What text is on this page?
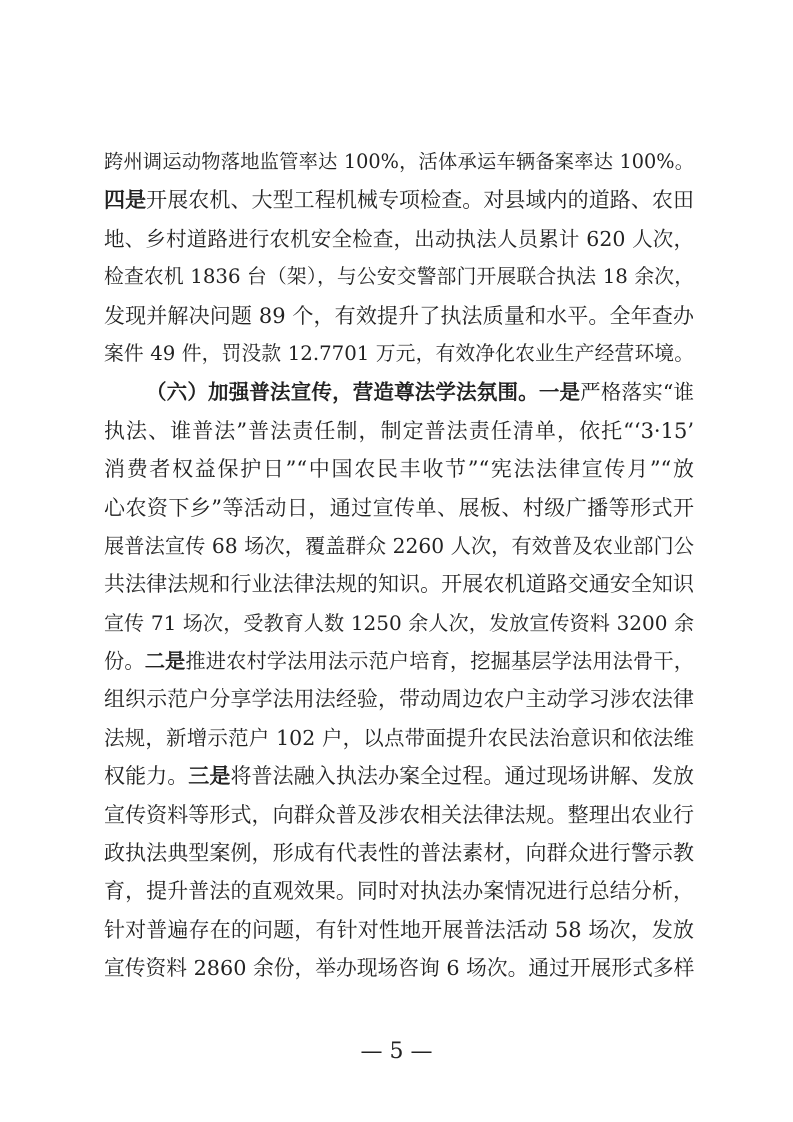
跨州调运动物落地监管率达 100%，活体承运车辆备案率达 100%。
四是开展农机、大型工程机械专项检查。对县域内的道路、农田
地、乡村道路进行农机安全检查，出动执法人员累计 620 人次，
检查农机 1836 台（架），与公安交警部门开展联合执法 18 余次，
发现并解决问题 89 个，有效提升了执法质量和水平。全年查办
案件 49 件，罚没款 12.7701 万元，有效净化农业生产经营环境。
（六）加强普法宣传，营造尊法学法氛围。一是严格落实“谁
执法、谁普法”普法责任制，制定普法责任清单，依托“‘3·15’
消费者权益保护日”“中国农民丰收节”“宪法法律宣传月”“放
心农资下乡”等活动日，通过宣传单、展板、村级广播等形式开
展普法宣传 68 场次，覆盖群众 2260 人次，有效普及农业部门公
共法律法规和行业法律法规的知识。开展农机道路交通安全知识
宣传 71 场次，受教育人数 1250 余人次，发放宣传资料 3200 余
份。二是推进农村学法用法示范户培育，挖掘基层学法用法骨干，
组织示范户分享学法用法经验，带动周边农户主动学习涉农法律
法规，新增示范户 102 户，以点带面提升农民法治意识和依法维
权能力。三是将普法融入执法办案全过程。通过现场讲解、发放
宣传资料等形式，向群众普及涉农相关法律法规。整理出农业行
政执法典型案例，形成有代表性的普法素材，向群众进行警示教
育，提升普法的直观效果。同时对执法办案情况进行总结分析，
针对普遍存在的问题，有针对性地开展普法活动 58 场次，发放
宣传资料 2860 余份，举办现场咨询 6 场次。通过开展形式多样
— 5 —
